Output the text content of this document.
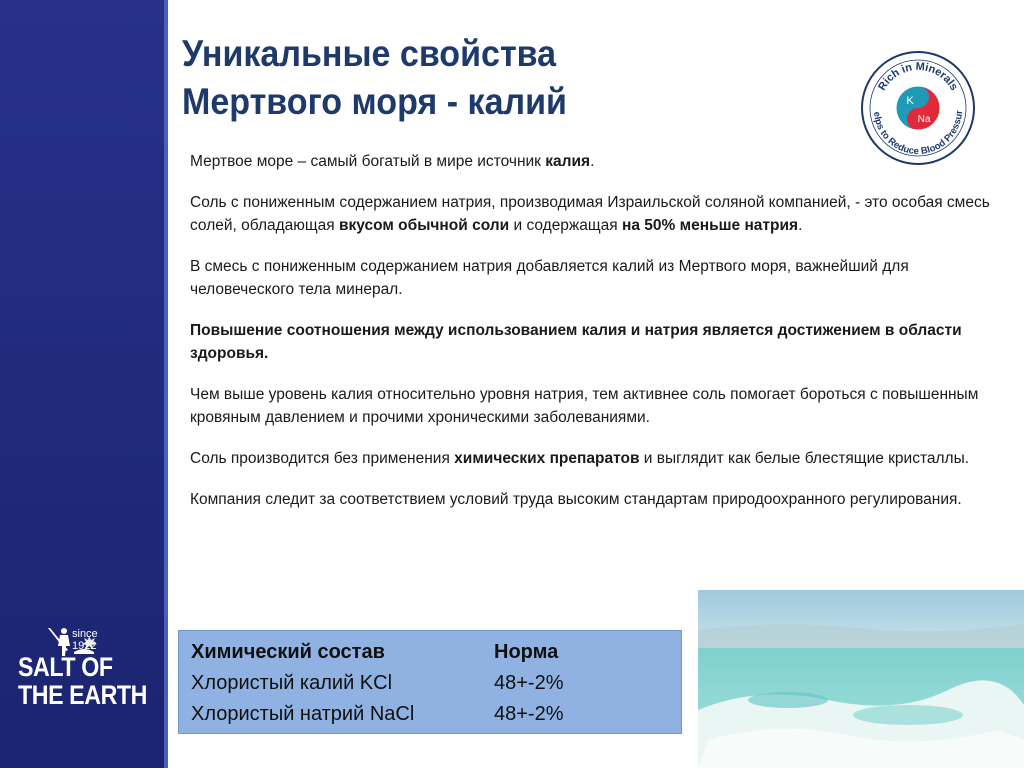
since
1922
SALT OF
THE EARTH
Уникальные свойства
Мертвого моря - калий	Rich in Minerals
elps to Reduce Blood Pressur
K
Na

Мертвое море – самый богатый в мире источник калия.

Соль с пониженным содержанием натрия, производимая Израильской соляной компанией, - это особая смесь солей, обладающая вкусом обычной соли и содержащая на 50% меньше натрия.

В смесь с пониженным содержанием натрия добавляется калий из Мертвого моря, важнейший для человеческого тела минерал.

Повышение соотношения между использованием калия и натрия является достижением в области здоровья.

Чем выше уровень калия относительно уровня натрия, тем активнее соль помогает бороться с повышенным кровяным давлением и прочими хроническими заболеваниями.

Соль производится без применения химических препаратов и выглядит как белые блестящие кристаллы.

Компания следит за соответствием условий труда высоким стандартам природоохранного регулирования.

Химический состав	Норма
Хлористый калий KCl	48+-2%
Хлористый натрий NaCl	48+-2%
